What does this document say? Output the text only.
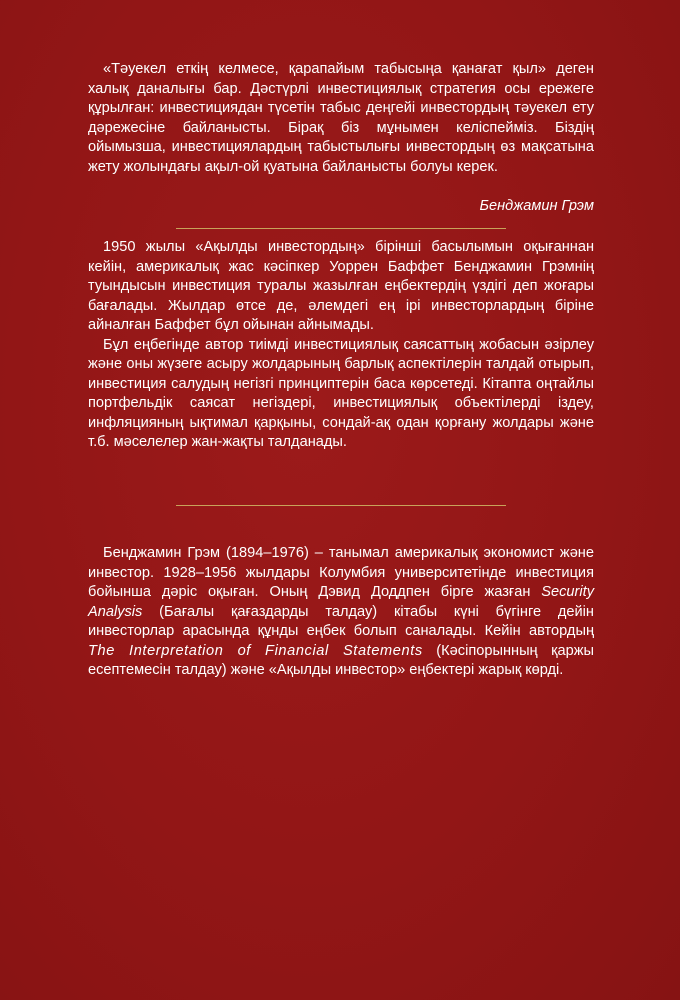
«Тәуекел еткің келмесе, қарапайым табысыңа қанағат қыл» деген халық даналығы бар. Дәстүрлі инвестициялық стратегия осы ережеге құрылған: инвестициядан түсетін табыс деңгейі инвестордың тәуекел ету дәрежесіне байланысты. Бірақ біз мұнымен келіспейміз. Біздің ойымызша, инвестициялардың табыстылығы инвестордың өз мақсатына жету жолындағы ақыл-ой қуатына байланысты болуы керек.

Бенджамин Грэм

1950 жылы «Ақылды инвестордың» бірінші басылымын оқығаннан кейін, америкалық жас кәсіпкер Уоррен Баффет Бенджамин Грэмнің туындысын инвестиция туралы жазылған еңбектердің үздігі деп жоғары бағалады. Жылдар өтсе де, әлемдегі ең ірі инвесторлардың біріне айналған Баффет бұл ойынан айнымады.

Бұл еңбегінде автор тиімді инвестициялық саясаттың жобасын әзірлеу және оны жүзеге асыру жолдарының барлық аспектілерін талдай отырып, инвестиция салудың негізгі принциптерін баса көрсетеді. Кітапта оңтайлы портфельдік саясат негіздері, инвестициялық объектілерді іздеу, инфляцияның ықтимал қарқыны, сондай-ақ одан қорғану жолдары және т.б. мәселелер жан-жақты талданады.

Бенджамин Грэм (1894–1976) – танымал америкалық экономист және инвестор. 1928–1956 жылдары Колумбия университетінде инвестиция бойынша дәріс оқыған. Оның Дэвид Доддпен бірге жазған Security Analysis (Бағалы қағаздарды талдау) кітабы күні бүгінге дейін инвесторлар арасында құнды еңбек болып саналады. Кейін автордың The Interpretation of Financial Statements (Кәсіпорынның қаржы есептемесін талдау) және «Ақылды инвестор» еңбектері жарық көрді.
